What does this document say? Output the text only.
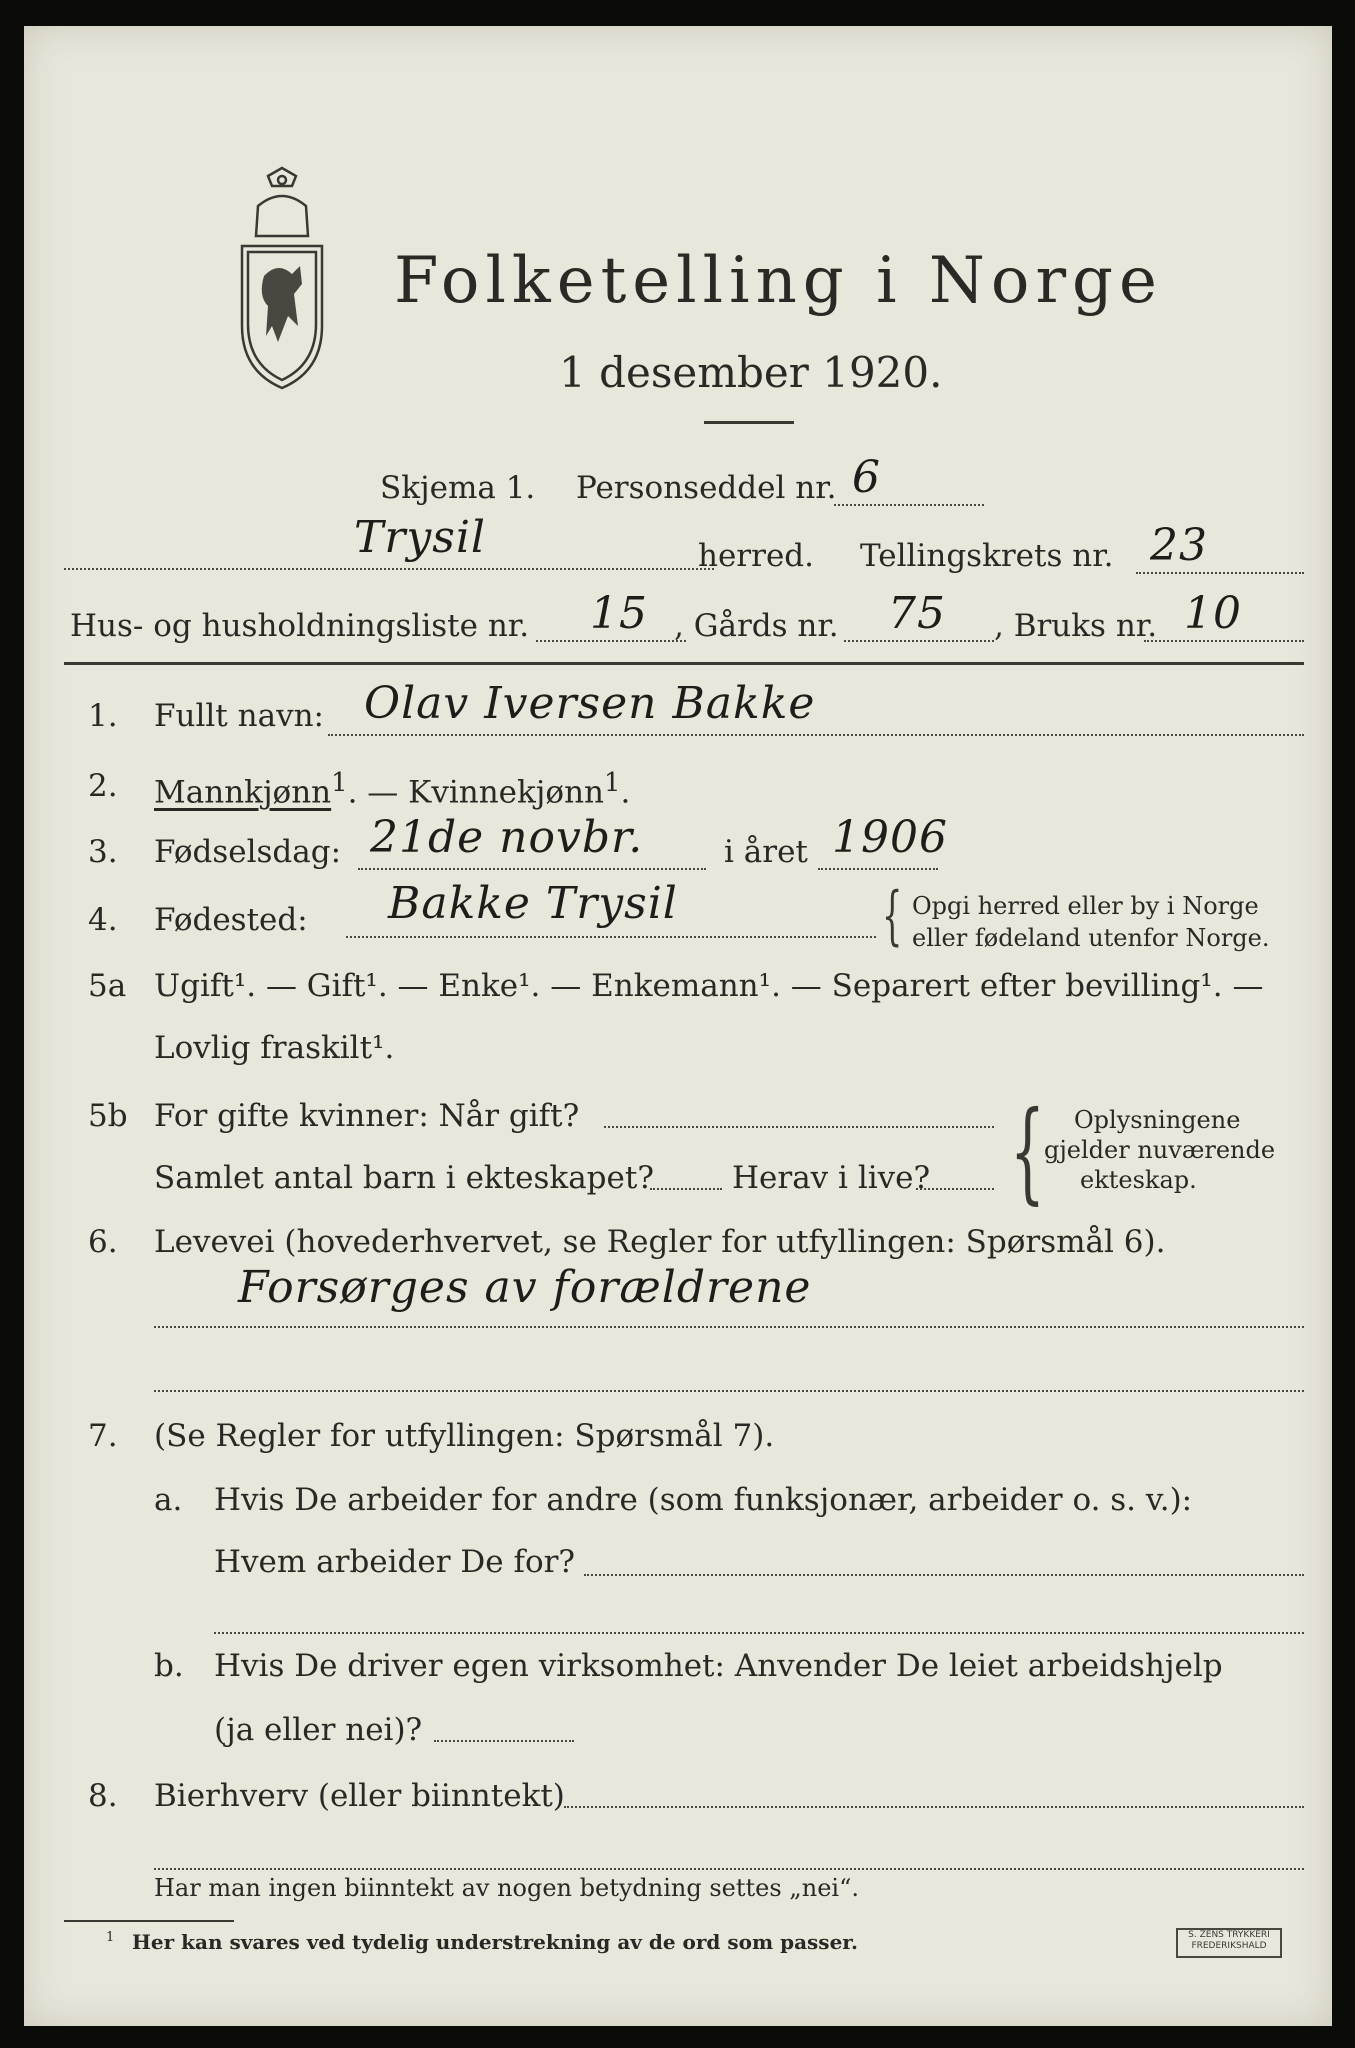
Folketelling i Norge
1 desember 1920.
Skjema 1. Personseddel nr. 6
Trysil	herred. Tellingskrets nr. 23
Hus- og husholdningsliste nr. 15 , Gårds nr. 75 , Bruks nr. 10
1. Fullt navn: Olav Iversen Bakke
2. Mannkjønn$^1$. — Kvinnekjønn$^1$.
3. Fødselsdag: 21de novbr.	i året 1906
4. Fødested: Bakke Trysil	{ Opgi herred eller by i Norge
eller fødeland utenfor Norge.
5a Ugift¹. — Gift¹. — Enke¹. — Enkemann¹. — Separert efter bevilling¹. —
Lovlig fraskilt¹.
5b For gifte kvinner: Når gift?
Samlet antal barn i ekteskapet?	Herav i live? { Oplysningene
gjelder nuværende
ekteskap.
6. Levevei (hovederhvervet, se Regler for utfyllingen: Spørsmål 6).
Forsørges av forældrene
7. (Se Regler for utfyllingen: Spørsmål 7).
a. Hvis De arbeider for andre (som funksjonær, arbeider o. s. v.):
Hvem arbeider De for?
b. Hvis De driver egen virksomhet: Anvender De leiet arbeidshjelp
(ja eller nei)?
8. Bierhverv (eller biinntekt)
Har man ingen biinntekt av nogen betydning settes „nei“.
1 Her kan svares ved tydelig understrekning av de ord som passer.	S. ZENS TRYKKERI FREDERIKSHALD
